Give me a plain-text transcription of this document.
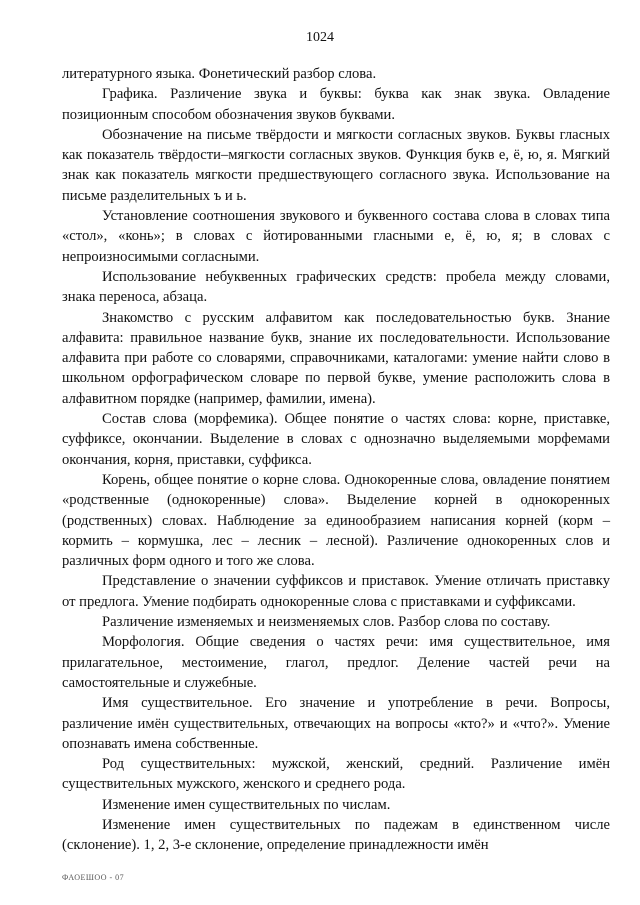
1024

литературного языка. Фонетический разбор слова.

Графика. Различение звука и буквы: буква как знак звука. Овладение позиционным способом обозначения звуков буквами.

Обозначение на письме твёрдости и мягкости согласных звуков. Буквы гласных как показатель твёрдости–мягкости согласных звуков. Функция букв е, ё, ю, я. Мягкий знак как показатель мягкости предшествующего согласного звука. Использование на письме разделительных ъ и ь.

Установление соотношения звукового и буквенного состава слова в словах типа «стол», «конь»; в словах с йотированными гласными е, ё, ю, я; в словах с непроизносимыми согласными.

Использование небуквенных графических средств: пробела между словами, знака переноса, абзаца.

Знакомство с русским алфавитом как последовательностью букв. Знание алфавита: правильное название букв, знание их последовательности. Использование алфавита при работе со словарями, справочниками, каталогами: умение найти слово в школьном орфографическом словаре по первой букве, умение расположить слова в алфавитном порядке (например, фамилии, имена).

Состав слова (морфемика). Общее понятие о частях слова: корне, приставке, суффиксе, окончании. Выделение в словах с однозначно выделяемыми морфемами окончания, корня, приставки, суффикса.

Корень, общее понятие о корне слова. Однокоренные слова, овладение понятием «родственные (однокоренные) слова». Выделение корней в однокоренных (родственных) словах. Наблюдение за единообразием написания корней (корм – кормить – кормушка, лес – лесник – лесной). Различение однокоренных слов и различных форм одного и того же слова.

Представление о значении суффиксов и приставок. Умение отличать приставку от предлога. Умение подбирать однокоренные слова с приставками и суффиксами.

Различение изменяемых и неизменяемых слов. Разбор слова по составу.

Морфология. Общие сведения о частях речи: имя существительное, имя прилагательное, местоимение, глагол, предлог. Деление частей речи на самостоятельные и служебные.

Имя существительное. Его значение и употребление в речи. Вопросы, различение имён существительных, отвечающих на вопросы «кто?» и «что?». Умение опознавать имена собственные.

Род существительных: мужской, женский, средний. Различение имён существительных мужского, женского и среднего рода.

Изменение имен существительных по числам.

Изменение имен существительных по падежам в единственном числе (склонение). 1, 2, 3-е склонение, определение принадлежности имён

ФАОЕШОО - 07
